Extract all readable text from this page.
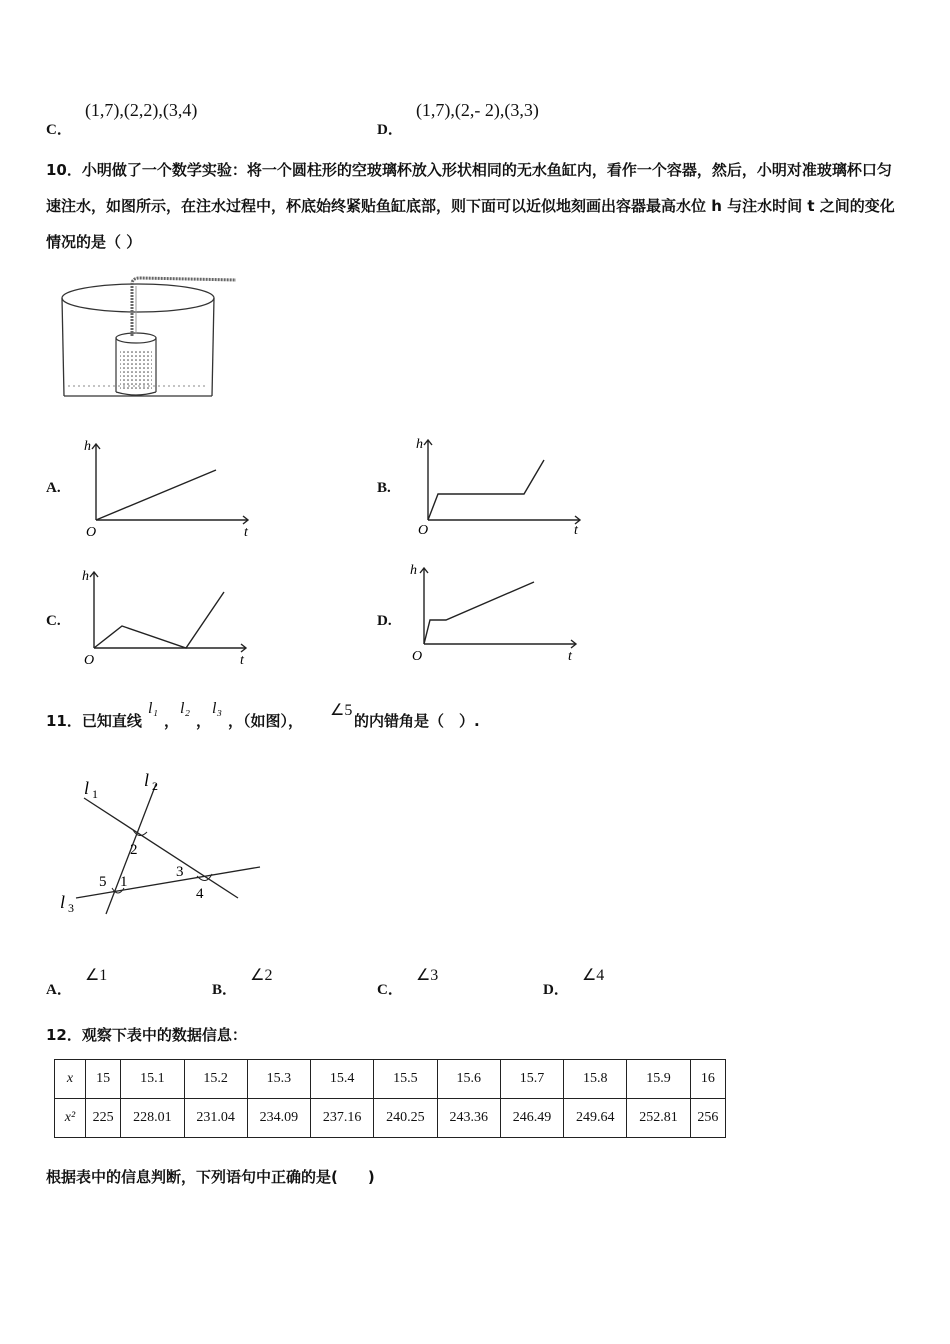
C． (1,7),(2,2),(3,4)
D． (1,7),(2,- 2),(3,3)
10．小明做了一个数学实验：将一个圆柱形的空玻璃杯放入形状相同的无水鱼缸内，看作一个容器，然后，小明对准玻璃杯口匀速注水，如图所示，在注水过程中，杯底始终紧贴鱼缸底部，则下面可以近似地刻画出容器最高水位 h 与注水时间 t 之间的变化情况的是（ ）
A.
h
t
O
B.
h
t
O
C.
h
t
O
D.
h
t
O
11．已知直线
l₁
，
l₂
，
l₃
，（如图），
∠5
的内错角是（　）.
l 1
l 2
l 3
2
5 1
3
4
A． ∠1
B． ∠2
C． ∠3
D． ∠4
12．观察下表中的数据信息：
x	15	15.1	15.2	15.3	15.4	15.5	15.6	15.7	15.8	15.9	16
x²	225	228.01	231.04	234.09	237.16	240.25	243.36	246.49	249.64	252.81	256
根据表中的信息判断，下列语句中正确的是(　　)
